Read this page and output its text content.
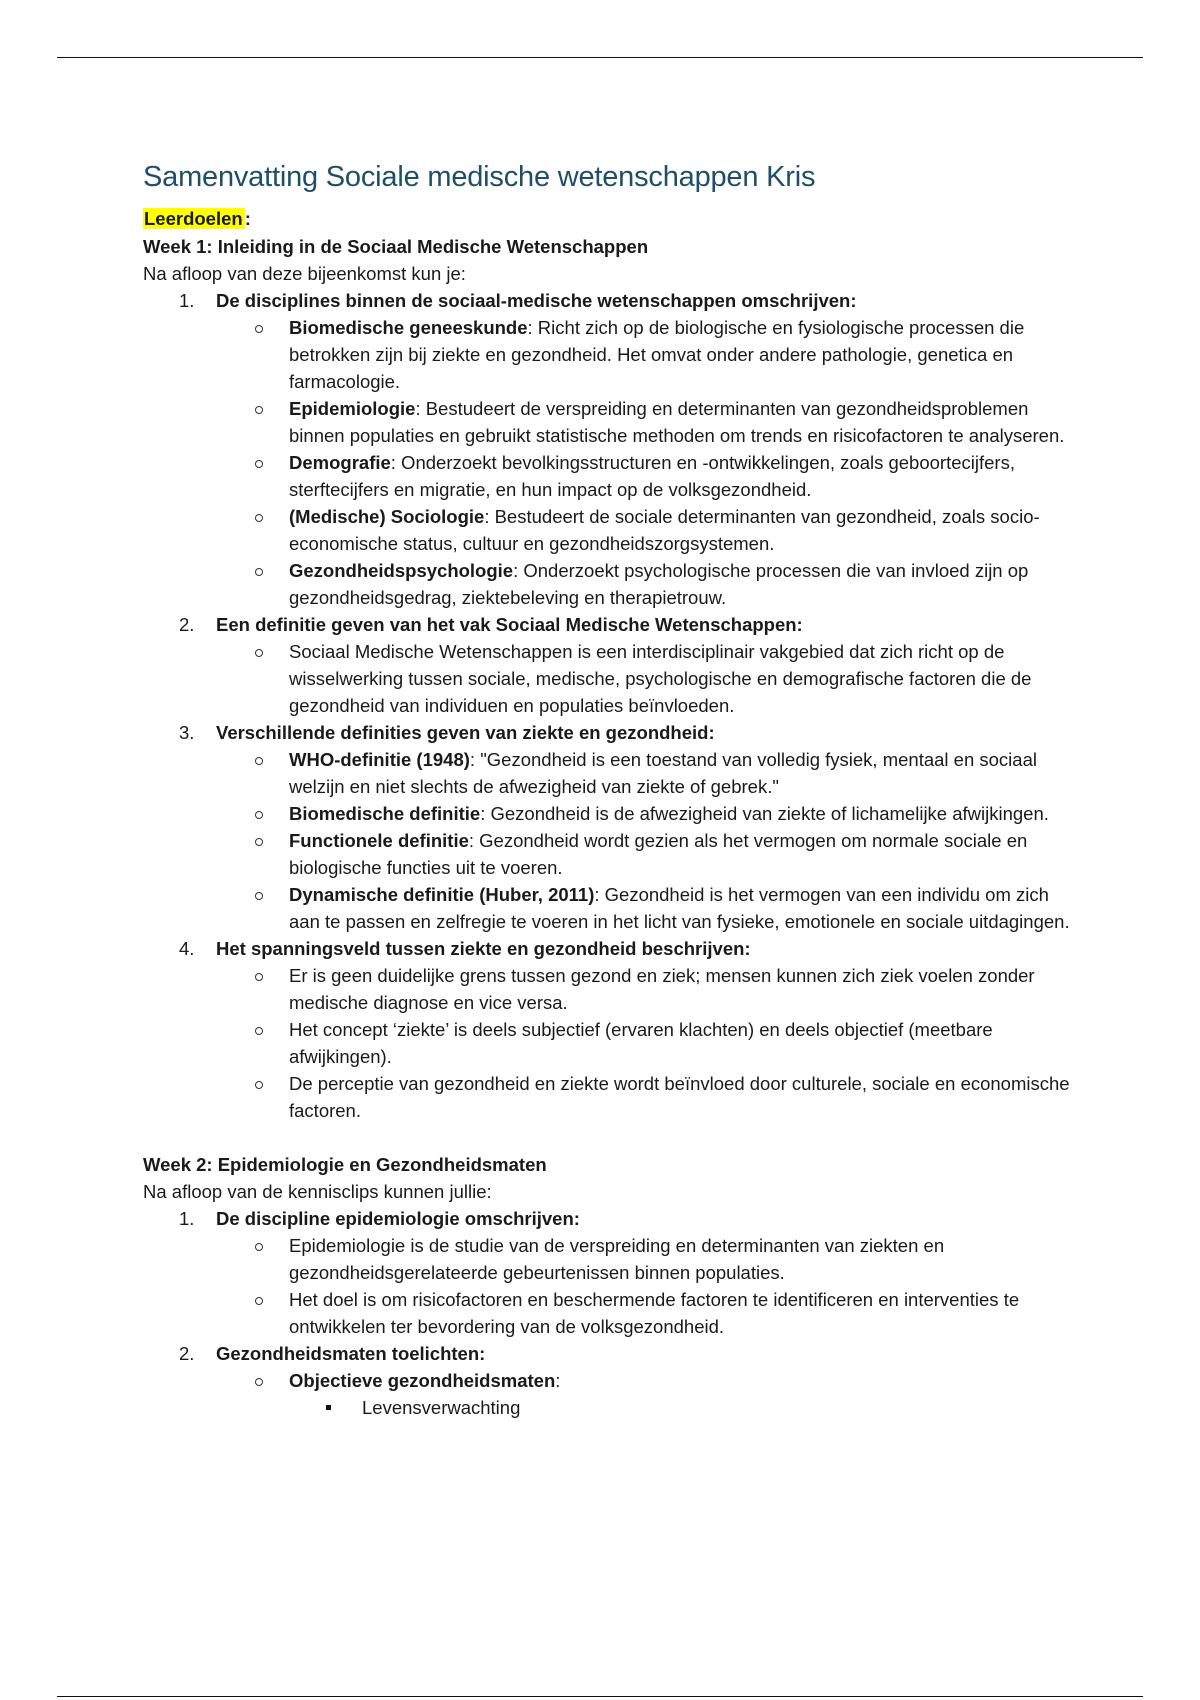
Samenvatting Sociale medische wetenschappen Kris

Leerdoelen :

Week 1: Inleiding in de Sociaal Medische Wetenschappen

Na afloop van deze bijeenkomst kun je:

1. De disciplines binnen de sociaal-medische wetenschappen omschrijven:
Biomedische geneeskunde: Richt zich op de biologische en fysiologische processen die betrokken zijn bij ziekte en gezondheid. Het omvat onder andere pathologie, genetica en farmacologie.
Epidemiologie: Bestudeert de verspreiding en determinanten van gezondheidsproblemen binnen populaties en gebruikt statistische methoden om trends en risicofactoren te analyseren.
Demografie: Onderzoekt bevolkingsstructuren en -ontwikkelingen, zoals geboortecijfers, sterftecijfers en migratie, en hun impact op de volksgezondheid.
(Medische) Sociologie: Bestudeert de sociale determinanten van gezondheid, zoals socio-economische status, cultuur en gezondheidszorgsystemen.
Gezondheidspsychologie: Onderzoekt psychologische processen die van invloed zijn op gezondheidsgedrag, ziektebeleving en therapietrouw.
2. Een definitie geven van het vak Sociaal Medische Wetenschappen:
Sociaal Medische Wetenschappen is een interdisciplinair vakgebied dat zich richt op de wisselwerking tussen sociale, medische, psychologische en demografische factoren die de gezondheid van individuen en populaties beïnvloeden.
3. Verschillende definities geven van ziekte en gezondheid:
WHO-definitie (1948): "Gezondheid is een toestand van volledig fysiek, mentaal en sociaal welzijn en niet slechts de afwezigheid van ziekte of gebrek."
Biomedische definitie: Gezondheid is de afwezigheid van ziekte of lichamelijke afwijkingen.
Functionele definitie: Gezondheid wordt gezien als het vermogen om normale sociale en biologische functies uit te voeren.
Dynamische definitie (Huber, 2011): Gezondheid is het vermogen van een individu om zich aan te passen en zelfregie te voeren in het licht van fysieke, emotionele en sociale uitdagingen.
4. Het spanningsveld tussen ziekte en gezondheid beschrijven:
Er is geen duidelijke grens tussen gezond en ziek; mensen kunnen zich ziek voelen zonder medische diagnose en vice versa.
Het concept ‘ziekte’ is deels subjectief (ervaren klachten) en deels objectief (meetbare afwijkingen).
De perceptie van gezondheid en ziekte wordt beïnvloed door culturele, sociale en economische factoren.

Week 2: Epidemiologie en Gezondheidsmaten

Na afloop van de kennisclips kunnen jullie:

1. De discipline epidemiologie omschrijven:
Epidemiologie is de studie van de verspreiding en determinanten van ziekten en gezondheidsgerelateerde gebeurtenissen binnen populaties.
Het doel is om risicofactoren en beschermende factoren te identificeren en interventies te ontwikkelen ter bevordering van de volksgezondheid.
2. Gezondheidsmaten toelichten:
Objectieve gezondheidsmaten:
Levensverwachting
